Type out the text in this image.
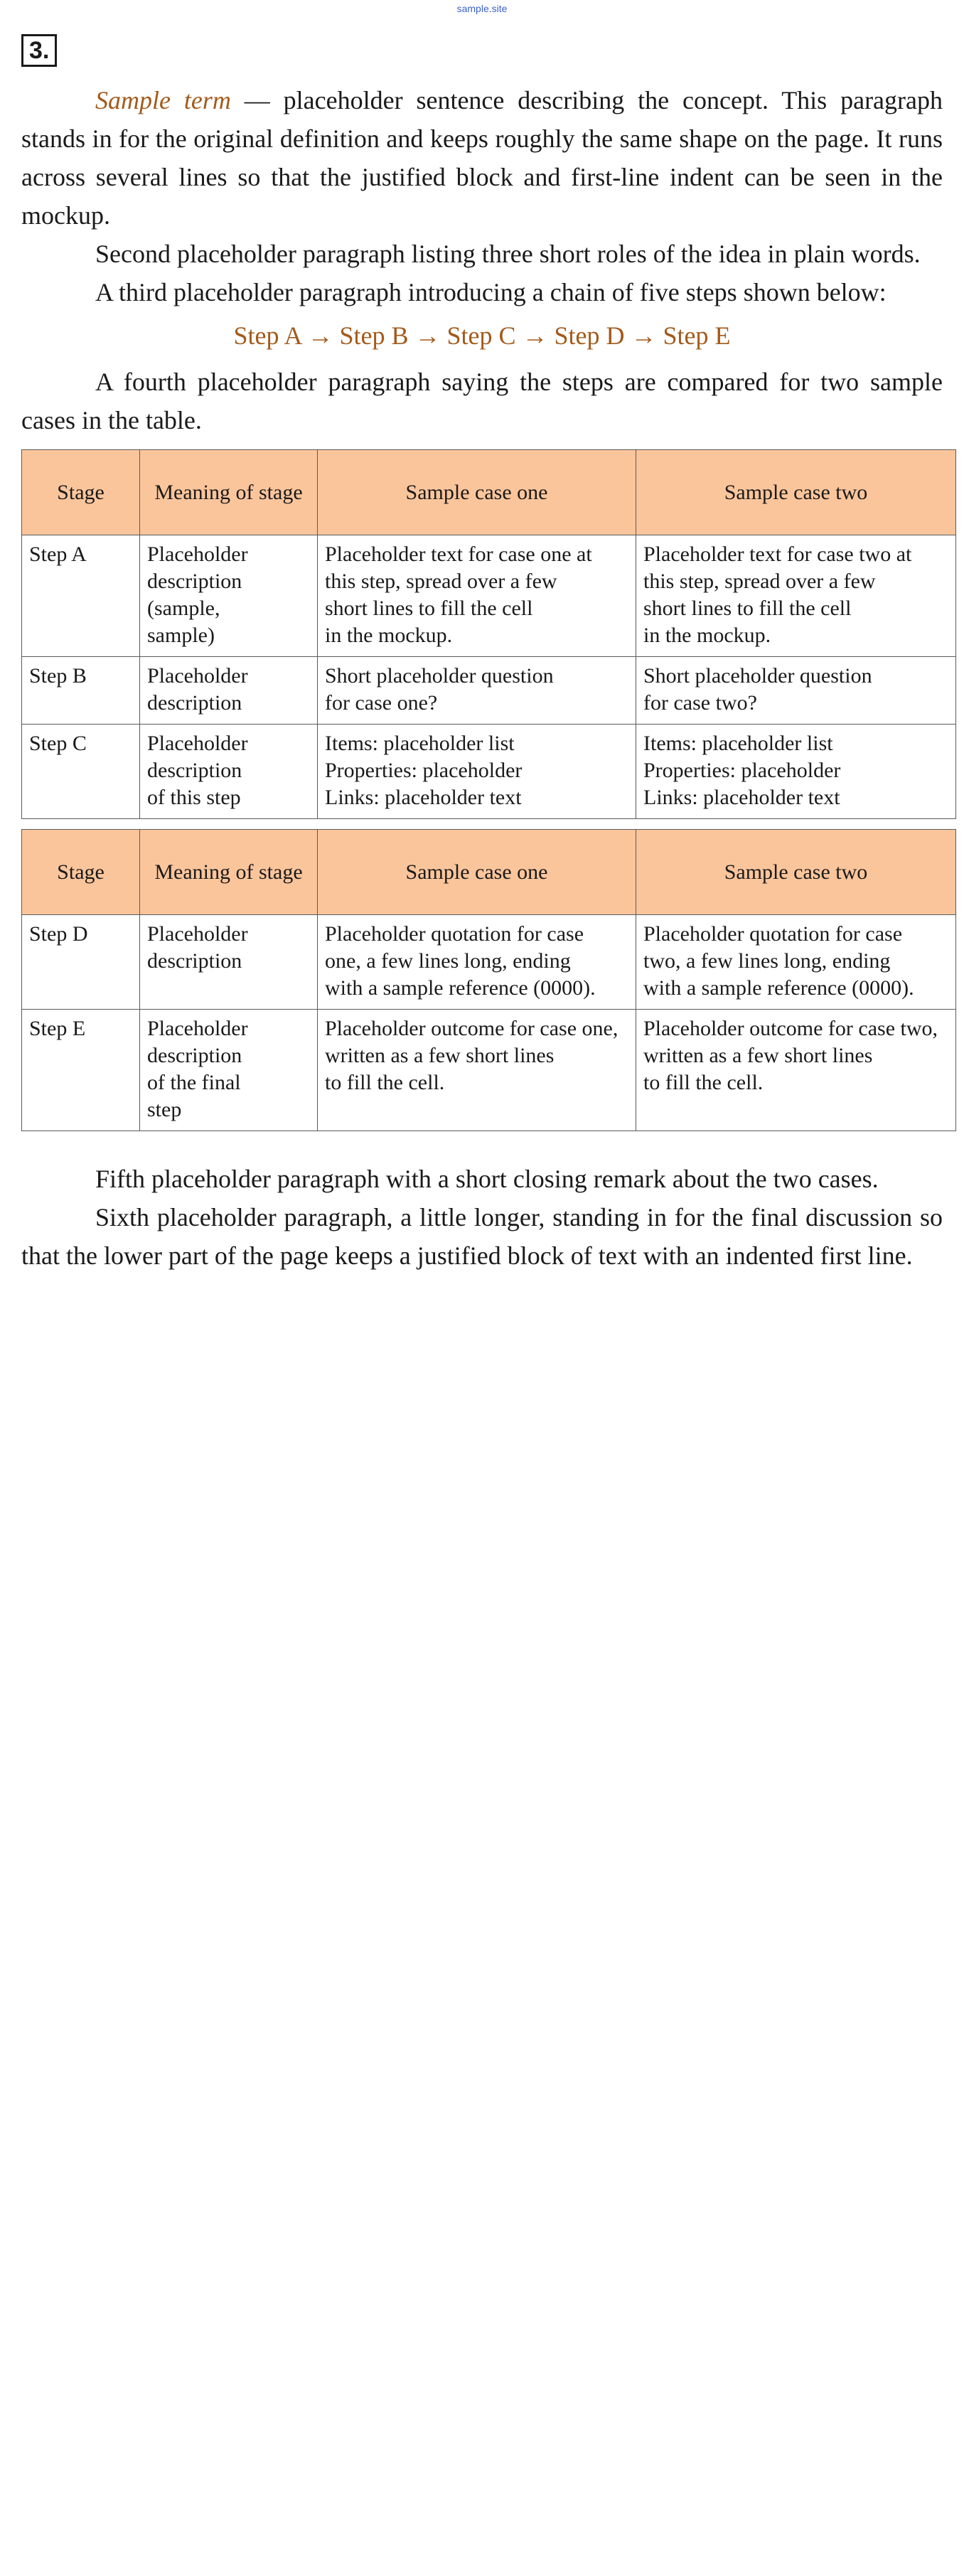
sample.site
3.

Sample term — placeholder sentence describing the concept. This paragraph stands in for the original definition and keeps roughly the same shape on the page. It runs across several lines so that the justified block and first-line indent can be seen in the mockup.

Second placeholder paragraph listing three short roles of the idea in plain words.

A third placeholder paragraph introducing a chain of five steps shown below:

Step A → Step B → Step C → Step D → Step E

A fourth placeholder paragraph saying the steps are compared for two sample cases in the table.

Stage	Meaning of stage	Sample case one	Sample case two
Step A	Placeholder
description
(sample,
sample)	Placeholder text for case one at
this step, spread over a few
short lines to fill the cell
in the mockup.	Placeholder text for case two at
this step, spread over a few
short lines to fill the cell
in the mockup.

Step B	Placeholder
description	Short placeholder question
for case one?	Short placeholder question
for case two?

Step C	Placeholder
description
of this step	Items: placeholder list
Properties: placeholder
Links: placeholder text	Items: placeholder list
Properties: placeholder
Links: placeholder text
Stage	Meaning of stage	Sample case one	Sample case two
Step D	Placeholder
description	Placeholder quotation for case
one, a few lines long, ending
with a sample reference (0000).	Placeholder quotation for case
two, a few lines long, ending
with a sample reference (0000).

Step E	Placeholder
description
of the final
step	Placeholder outcome for case one,
written as a few short lines
to fill the cell.	Placeholder outcome for case two,
written as a few short lines
to fill the cell.

Fifth placeholder paragraph with a short closing remark about the two cases.

Sixth placeholder paragraph, a little longer, standing in for the final discussion so that the lower part of the page keeps a justified block of text with an indented first line.
